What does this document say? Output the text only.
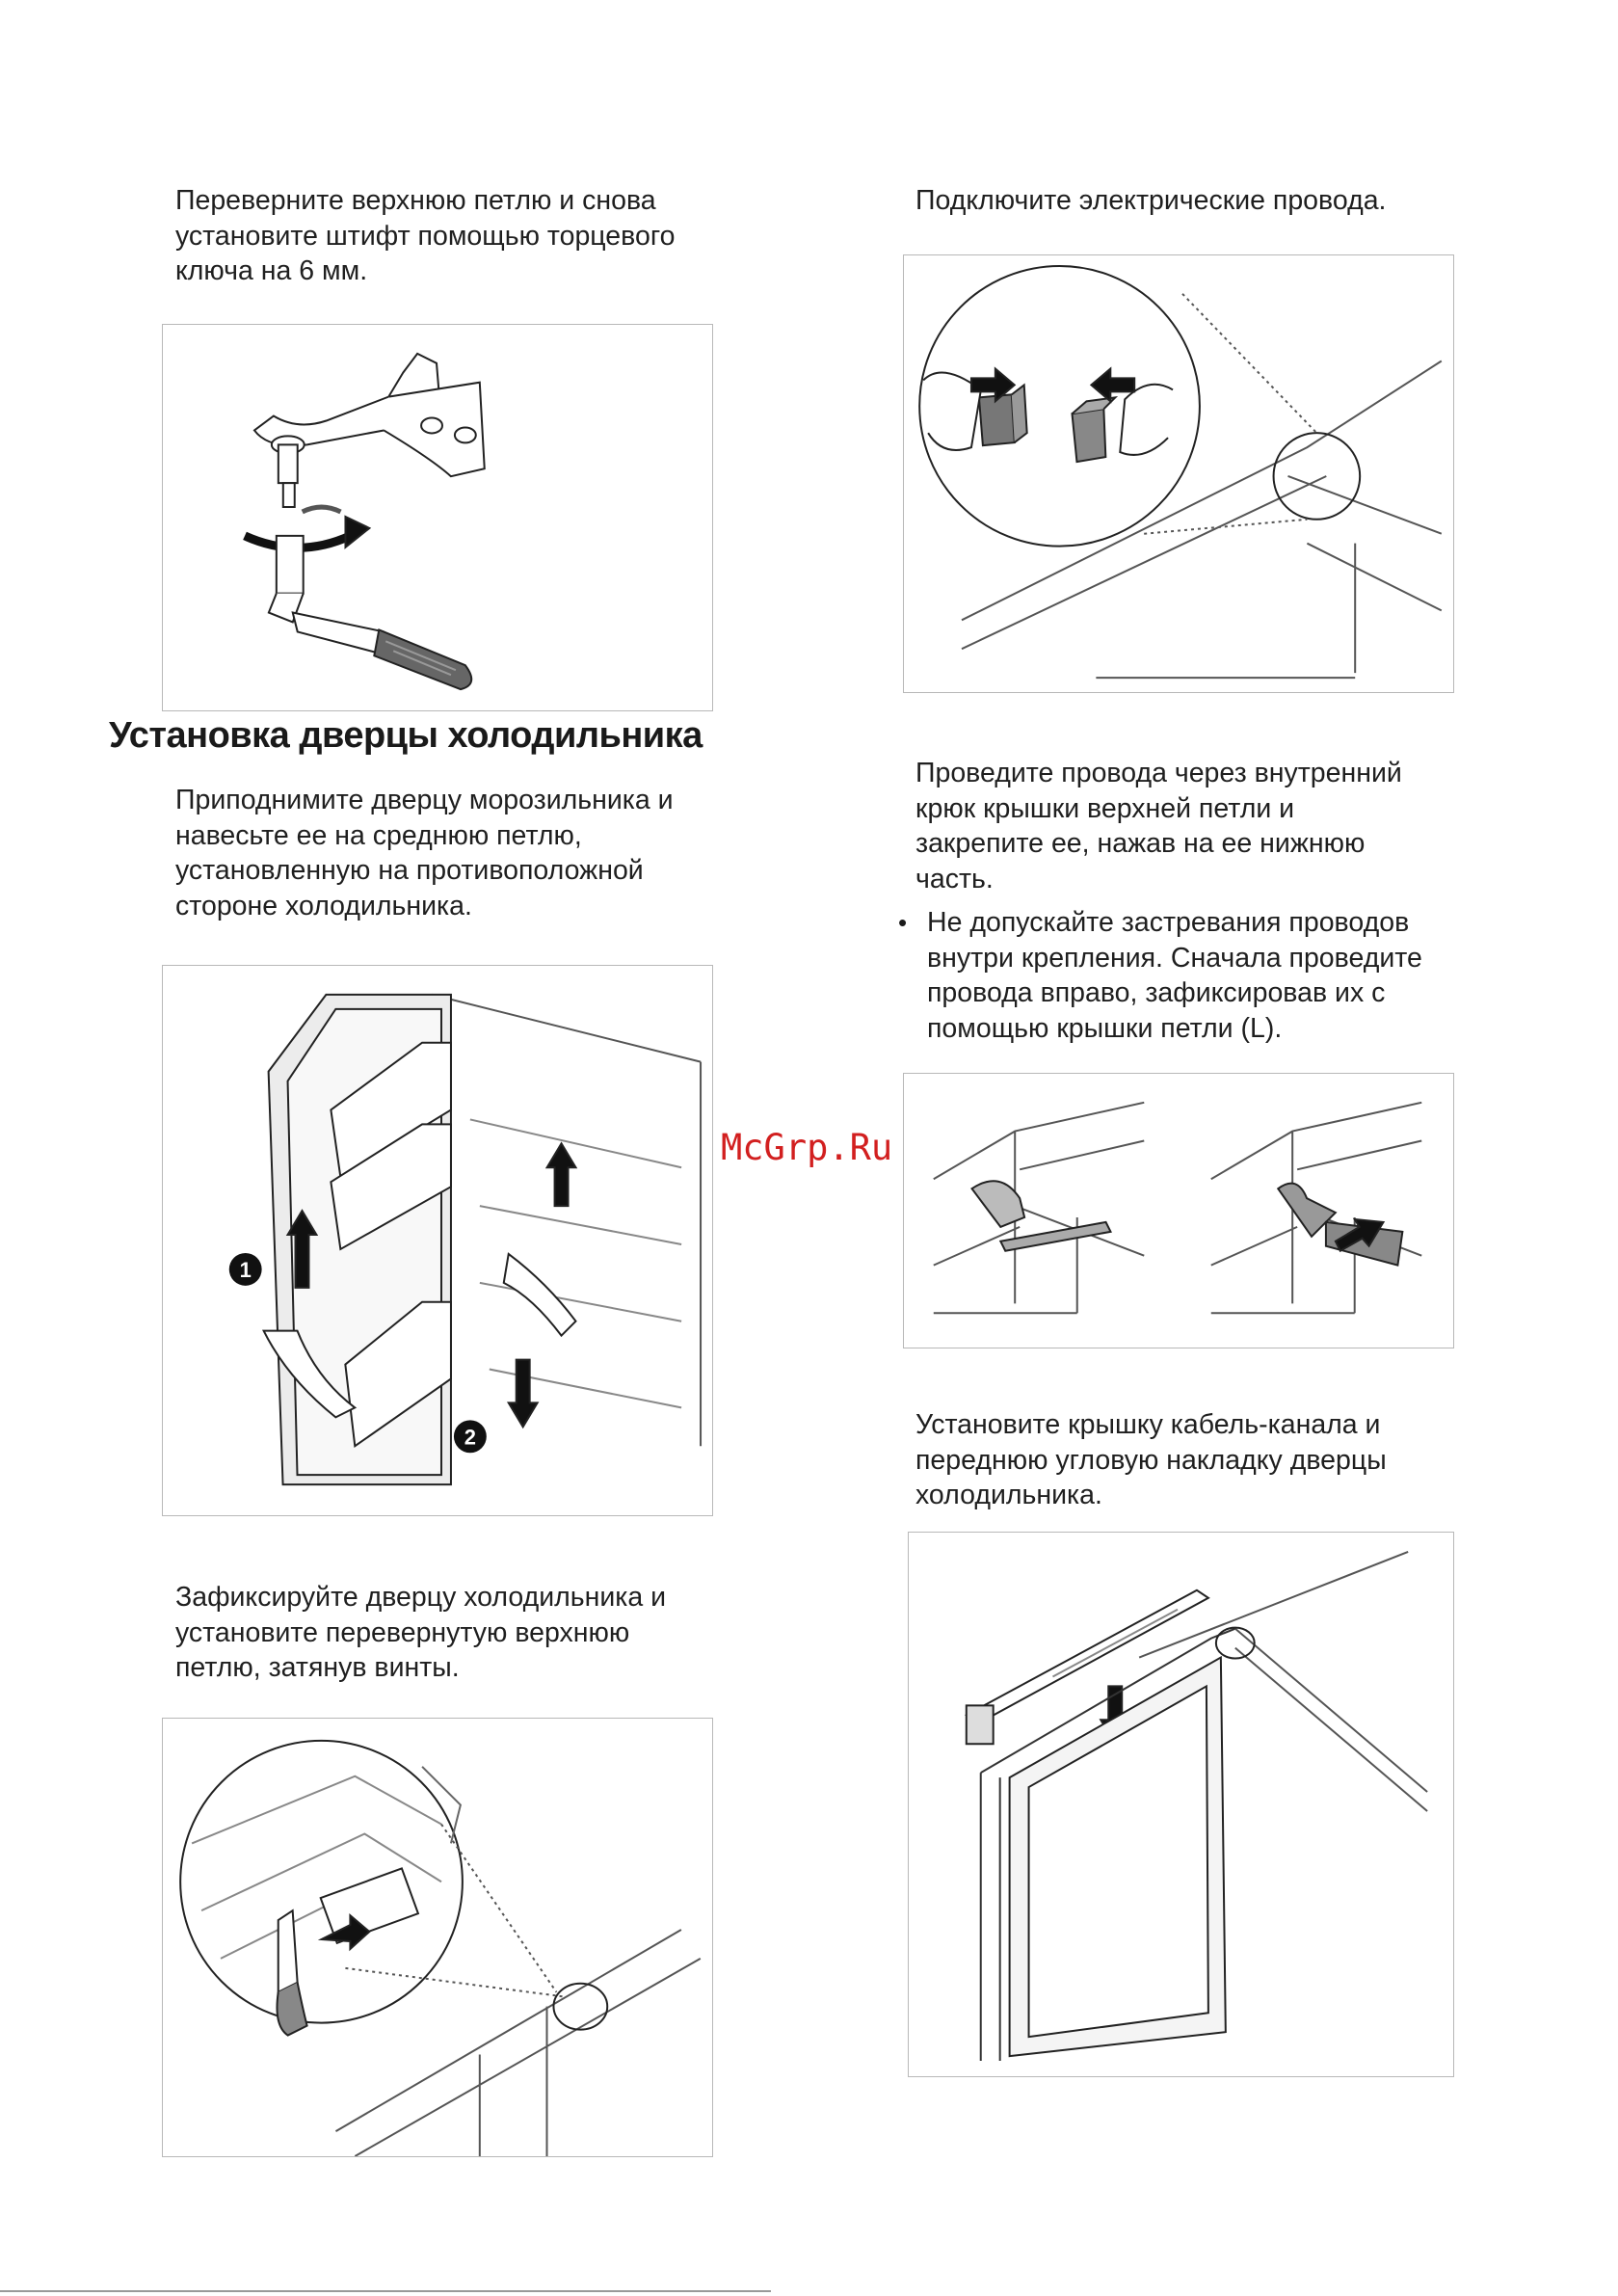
Переверните верхнюю петлю и снова
установите штифт помощью торцевого
ключа на 6 мм.

Установка дверцы холодильника

Приподнимите дверцу морозильника и
навесьте ее на среднюю петлю,
установленную на противоположной
стороне холодильника.

1
2

Зафиксируйте дверцу холодильника и
установите перевернутую верхнюю
петлю, затянув винты.

Подключите электрические провода.

Проведите провода через внутренний
крюк крышки верхней петли и
закрепите ее, нажав на ее нижнюю
часть.

• Не допускайте застревания проводов
внутри крепления. Сначала проведите
провода вправо, зафиксировав их с
помощью крышки петли (L).

Установите крышку кабель-канала и
переднюю угловую накладку дверцы
холодильника.

McGrp.Ru
